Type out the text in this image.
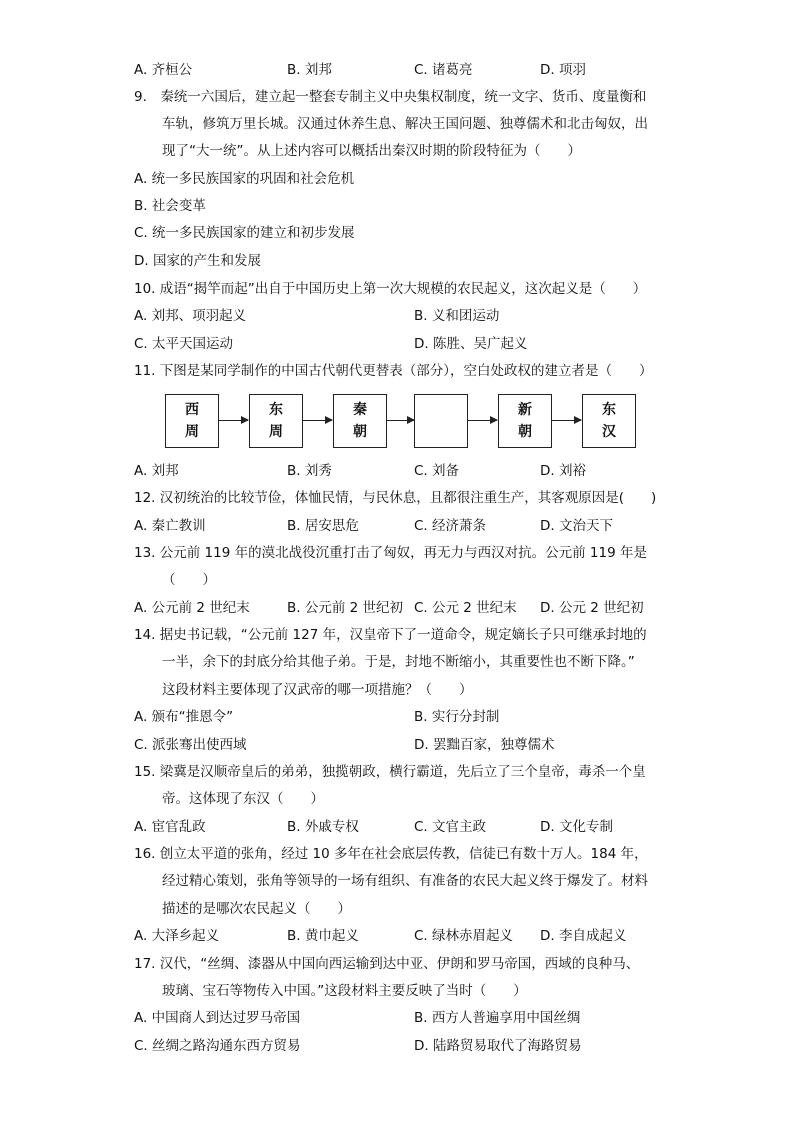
A. 齐桓公	B. 刘邦	C. 诸葛亮	D. 项羽
9.　秦统一六国后，建立起一整套专制主义中央集权制度，统一文字、货币、度量衡和
车轨，修筑万里长城。汉通过休养生息、解决王国问题、独尊儒术和北击匈奴，出
现了“大一统”。从上述内容可以概括出秦汉时期的阶段特征为（　　）
A. 统一多民族国家的巩固和社会危机
B. 社会变革
C. 统一多民族国家的建立和初步发展
D. 国家的产生和发展
10. 成语“揭竿而起”出自于中国历史上第一次大规模的农民起义，这次起义是（　　）
A. 刘邦、项羽起义	B. 义和团运动
C. 太平天国运动	D. 陈胜、吴广起义
11. 下图是某同学制作的中国古代朝代更替表（部分），空白处政权的建立者是（　　）
西
周
东
周
秦
朝
新
朝
东
汉
A. 刘邦	B. 刘秀	C. 刘备	D. 刘裕
12. 汉初统治的比较节俭，体恤民情，与民休息，且都很注重生产，其客观原因是(　　)
A. 秦亡教训	B. 居安思危	C. 经济萧条	D. 文治天下
13. 公元前 119 年的漠北战役沉重打击了匈奴，再无力与西汉对抗。公元前 119 年是
（　　）
A. 公元前 2 世纪末	B. 公元前 2 世纪初 C. 公元 2 世纪末 D. 公元 2 世纪初
14. 据史书记载，“公元前 127 年，汉皇帝下了一道命令，规定嫡长子只可继承封地的
一半，余下的封底分给其他子弟。于是，封地不断缩小，其重要性也不断下降。”
这段材料主要体现了汉武帝的哪一项措施？（　　）
A. 颁布“推恩令”	B. 实行分封制
C. 派张骞出使西域	D. 罢黜百家，独尊儒术
15. 梁冀是汉顺帝皇后的弟弟，独揽朝政，横行霸道，先后立了三个皇帝，毒杀一个皇
帝。这体现了东汉（　　）
A. 宦官乱政	B. 外戚专权	C. 文官主政	D. 文化专制
16. 创立太平道的张角，经过 10 多年在社会底层传教，信徒已有数十万人。184 年，
经过精心策划，张角等领导的一场有组织、有准备的农民大起义终于爆发了。材料
描述的是哪次农民起义（　　）
A. 大泽乡起义	B. 黄巾起义	C. 绿林赤眉起义 D. 李自成起义
17. 汉代，“丝绸、漆器从中国向西运输到达中亚、伊朗和罗马帝国，西域的良种马、
玻璃、宝石等物传入中国。”这段材料主要反映了当时（　　）
A. 中国商人到达过罗马帝国	B. 西方人普遍享用中国丝绸
C. 丝绸之路沟通东西方贸易	D. 陆路贸易取代了海路贸易
